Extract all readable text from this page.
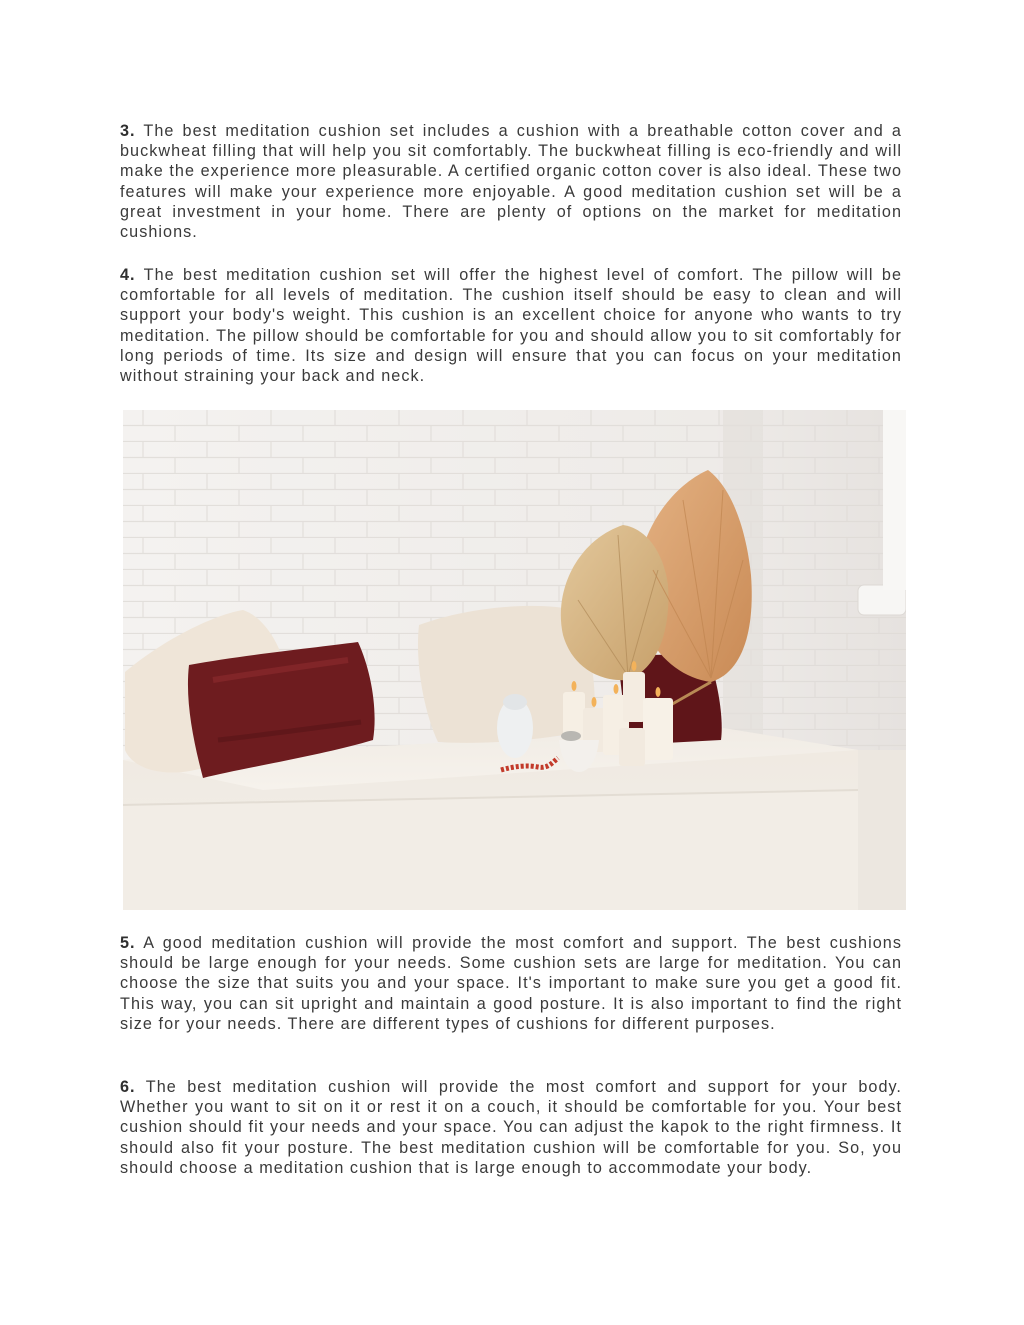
3. The best meditation cushion set includes a cushion with a breathable cotton cover and a buckwheat filling that will help you sit comfortably. The buckwheat filling is eco-friendly and will make the experience more pleasurable. A certified organic cotton cover is also ideal. These two features will make your experience more enjoyable. A good meditation cushion set will be a great investment in your home. There are plenty of options on the market for meditation cushions.

4. The best meditation cushion set will offer the highest level of comfort. The pillow will be comfortable for all levels of meditation. The cushion itself should be easy to clean and will support your body's weight. This cushion is an excellent choice for anyone who wants to try meditation. The pillow should be comfortable for you and should allow you to sit comfortably for long periods of time. Its size and design will ensure that you can focus on your meditation without straining your back and neck.

5. A good meditation cushion will provide the most comfort and support. The best cushions should be large enough for your needs. Some cushion sets are large for meditation. You can choose the size that suits you and your space. It's important to make sure you get a good fit. This way, you can sit upright and maintain a good posture. It is also important to find the right size for your needs. There are different types of cushions for different purposes.

6. The best meditation cushion will provide the most comfort and support for your body. Whether you want to sit on it or rest it on a couch, it should be comfortable for you. Your best cushion should fit your needs and your space. You can adjust the kapok to the right firmness. It should also fit your posture. The best meditation cushion will be comfortable for you. So, you should choose a meditation cushion that is large enough to accommodate your body.
